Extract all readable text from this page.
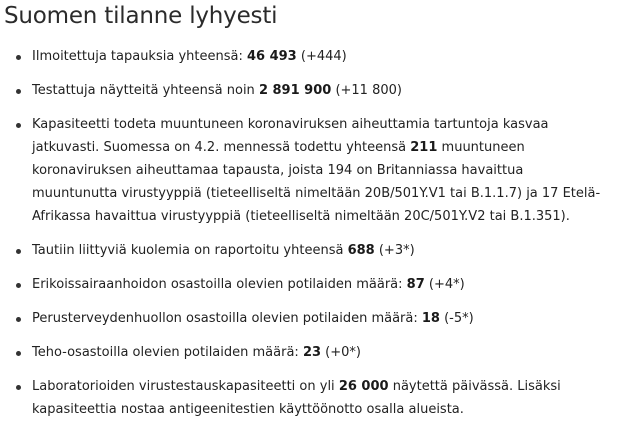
Suomen tilanne lyhyesti
Ilmoitettuja tapauksia yhteensä: 46 493 (+444)
Testattuja näytteitä yhteensä noin 2 891 900 (+11 800)
Kapasiteetti todeta muuntuneen koronaviruksen aiheuttamia tartuntoja kasvaa jatkuvasti. Suomessa on 4.2. mennessä todettu yhteensä 211 muuntuneen koronaviruksen aiheuttamaa tapausta, joista 194 on Britanniassa havaittua muuntunutta virustyyppiä (tieteelliseltä nimeltään 20B/501Y.V1 tai B.1.1.7) ja 17 Etelä-Afrikassa havaittua virustyyppiä (tieteelliseltä nimeltään 20C/501Y.V2 tai B.1.351).
Tautiin liittyviä kuolemia on raportoitu yhteensä 688 (+3*)
Erikoissairaanhoidon osastoilla olevien potilaiden määrä: 87 (+4*)
Perusterveydenhuollon osastoilla olevien potilaiden määrä: 18 (-5*)
Teho-osastoilla olevien potilaiden määrä: 23 (+0*)
Laboratorioiden virustestauskapasiteetti on yli 26 000 näytettä päivässä. Lisäksi kapasiteettia nostaa antigeenitestien käyttöönotto osalla alueista.
